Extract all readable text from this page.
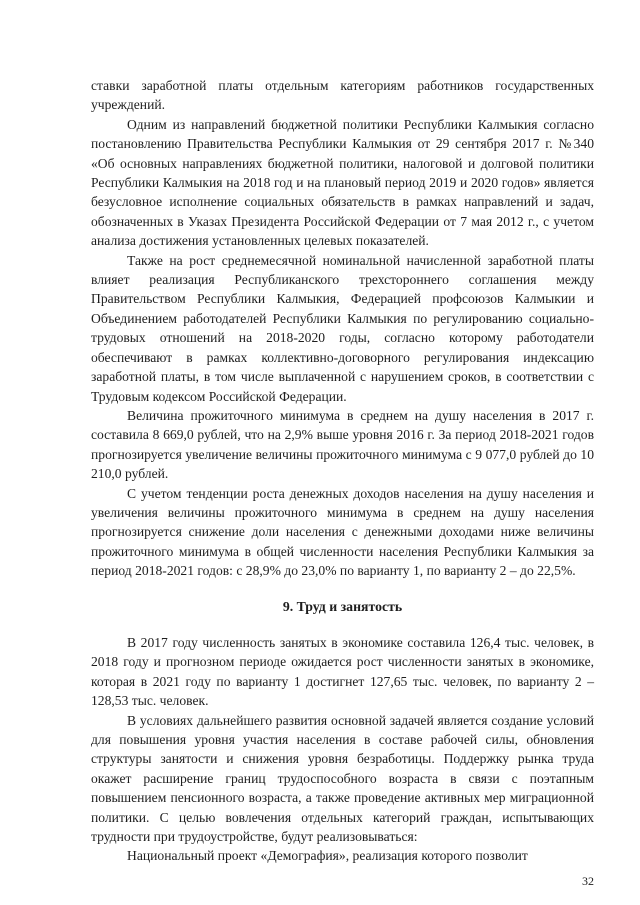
ставки заработной платы отдельным категориям работников государственных учреждений.

Одним из направлений бюджетной политики Республики Калмыкия согласно постановлению Правительства Республики Калмыкия от 29 сентября 2017 г. №340 «Об основных направлениях бюджетной политики, налоговой и долговой политики Республики Калмыкия на 2018 год и на плановый период 2019 и 2020 годов» является безусловное исполнение социальных обязательств в рамках направлений и задач, обозначенных в Указах Президента Российской Федерации от 7 мая 2012 г., с учетом анализа достижения установленных целевых показателей.

Также на рост среднемесячной номинальной начисленной заработной платы влияет реализация Республиканского трехстороннего соглашения между Правительством Республики Калмыкия, Федерацией профсоюзов Калмыкии и Объединением работодателей Республики Калмыкия по регулированию социально-трудовых отношений на 2018-2020 годы, согласно которому работодатели обеспечивают в рамках коллективно-договорного регулирования индексацию заработной платы, в том числе выплаченной с нарушением сроков, в соответствии с Трудовым кодексом Российской Федерации.

Величина прожиточного минимума в среднем на душу населения в 2017 г. составила 8 669,0 рублей, что на 2,9% выше уровня 2016 г. За период 2018-2021 годов прогнозируется увеличение величины прожиточного минимума с 9 077,0 рублей до 10 210,0 рублей.

С учетом тенденции роста денежных доходов населения на душу населения и увеличения величины прожиточного минимума в среднем на душу населения прогнозируется снижение доли населения с денежными доходами ниже величины прожиточного минимума в общей численности населения Республики Калмыкия за период 2018-2021 годов: с 28,9% до 23,0% по варианту 1, по варианту 2 – до 22,5%.

9. Труд и занятость

В 2017 году численность занятых в экономике составила 126,4 тыс. человек, в 2018 году и прогнозном периоде ожидается рост численности занятых в экономике, которая в 2021 году по варианту 1 достигнет 127,65 тыс. человек, по варианту 2 – 128,53 тыс. человек.

В условиях дальнейшего развития основной задачей является создание условий для повышения уровня участия населения в составе рабочей силы, обновления структуры занятости и снижения уровня безработицы. Поддержку рынка труда окажет расширение границ трудоспособного возраста в связи с поэтапным повышением пенсионного возраста, а также проведение активных мер миграционной политики. С целью вовлечения отдельных категорий граждан, испытывающих трудности при трудоустройстве, будут реализовываться:

Национальный проект «Демография», реализация которого позволит

32
